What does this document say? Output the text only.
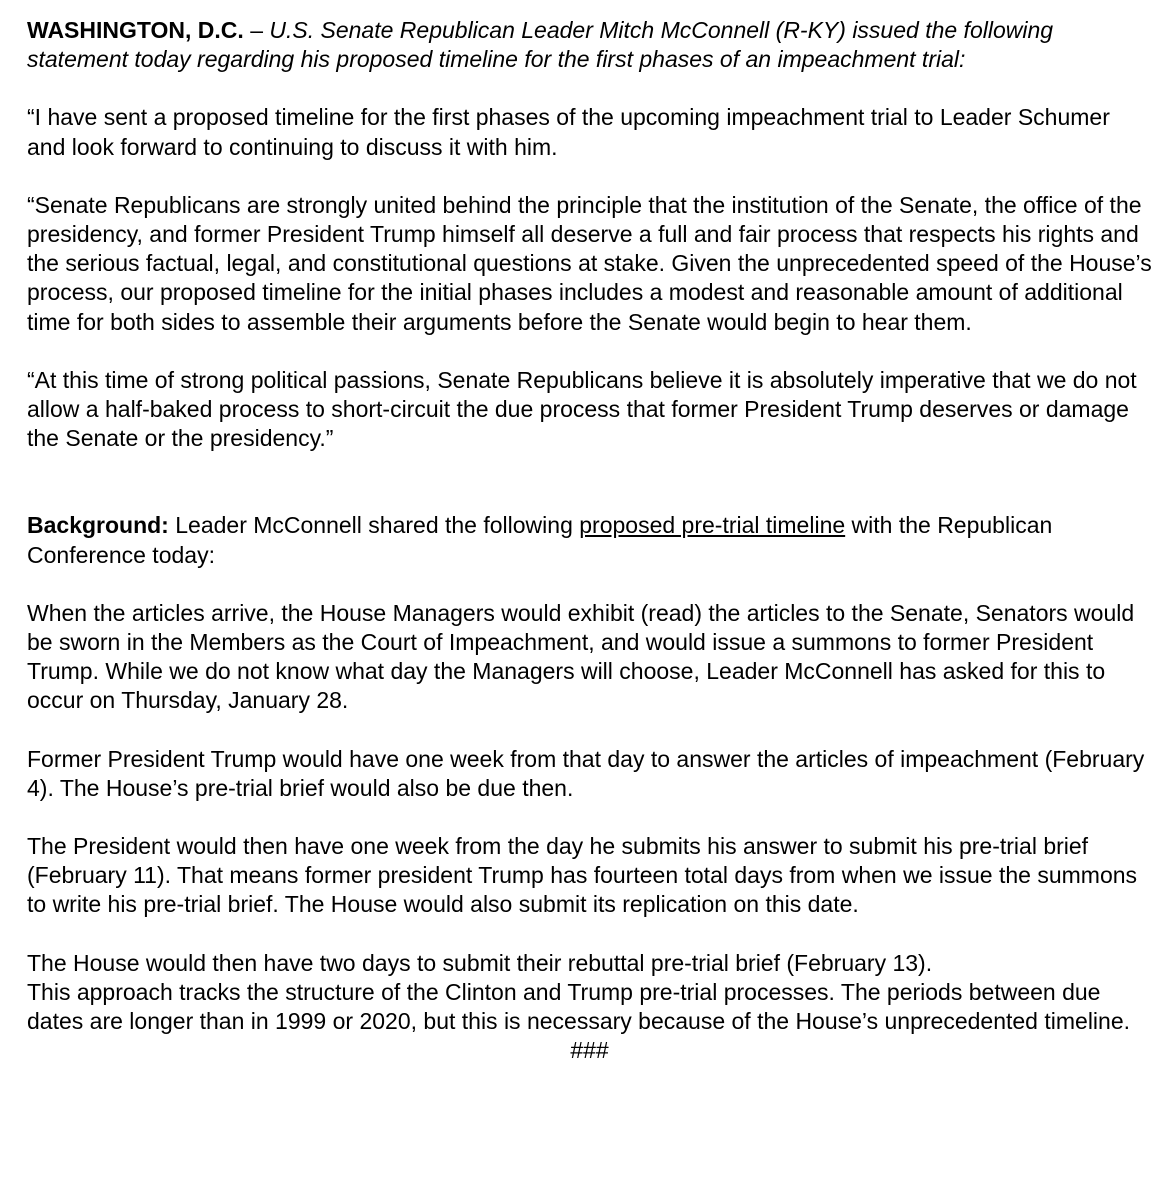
WASHINGTON, D.C. – U.S. Senate Republican Leader Mitch McConnell (R-KY) issued the following statement today regarding his proposed timeline for the first phases of an impeachment trial:

“I have sent a proposed timeline for the first phases of the upcoming impeachment trial to Leader Schumer and look forward to continuing to discuss it with him.

“Senate Republicans are strongly united behind the principle that the institution of the Senate, the office of the presidency, and former President Trump himself all deserve a full and fair process that respects his rights and the serious factual, legal, and constitutional questions at stake. Given the unprecedented speed of the House’s process, our proposed timeline for the initial phases includes a modest and reasonable amount of additional time for both sides to assemble their arguments before the Senate would begin to hear them.

“At this time of strong political passions, Senate Republicans believe it is absolutely imperative that we do not allow a half-baked process to short-circuit the due process that former President Trump deserves or damage the Senate or the presidency.”

Background: Leader McConnell shared the following proposed pre-trial timeline with the Republican Conference today:

When the articles arrive, the House Managers would exhibit (read) the articles to the Senate, Senators would be sworn in the Members as the Court of Impeachment, and would issue a summons to former President Trump. While we do not know what day the Managers will choose, Leader McConnell has asked for this to occur on Thursday, January 28.

Former President Trump would have one week from that day to answer the articles of impeachment (February 4). The House’s pre-trial brief would also be due then.

The President would then have one week from the day he submits his answer to submit his pre-trial brief (February 11). That means former president Trump has fourteen total days from when we issue the summons to write his pre-trial brief. The House would also submit its replication on this date.

The House would then have two days to submit their rebuttal pre-trial brief (February 13).

This approach tracks the structure of the Clinton and Trump pre-trial processes. The periods between due dates are longer than in 1999 or 2020, but this is necessary because of the House’s unprecedented timeline.

###
